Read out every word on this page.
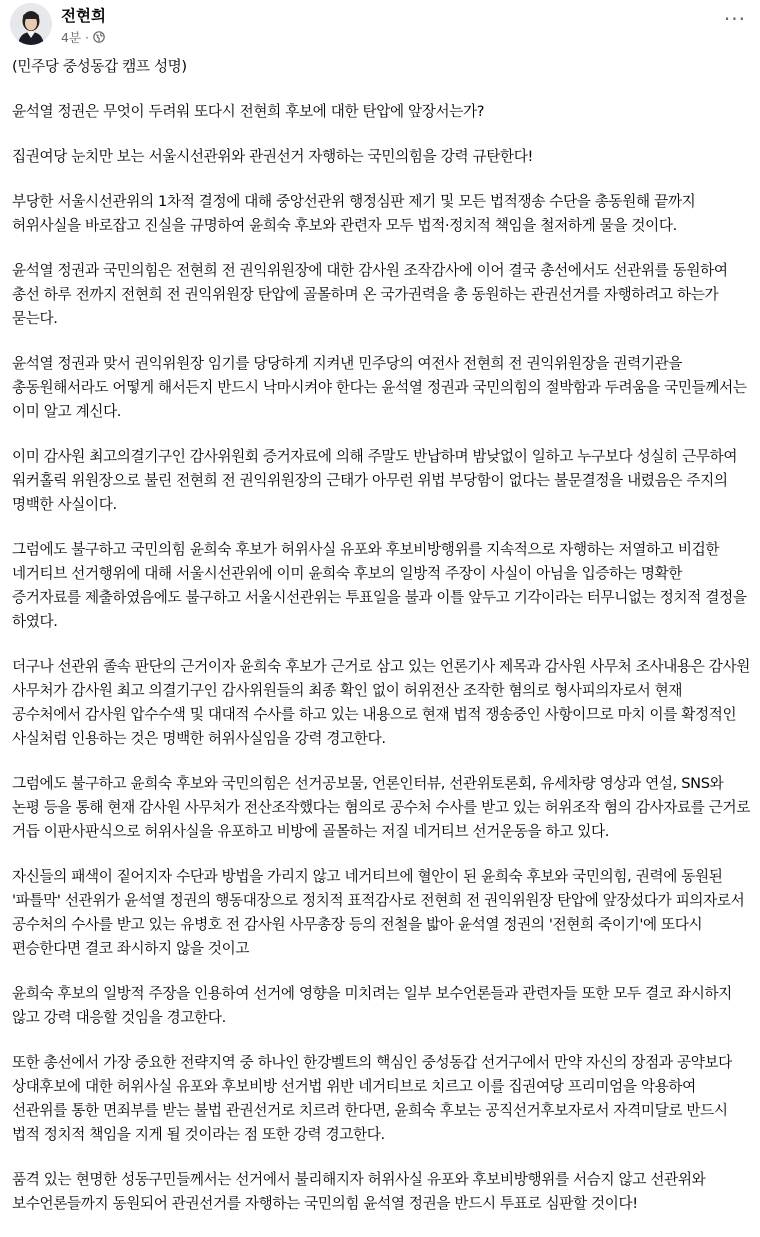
전현희
4분 ·
···

(민주당 중성동갑 캠프 성명)

윤석열 정권은 무엇이 두려워 또다시 전현희 후보에 대한 탄압에 앞장서는가?

집권여당 눈치만 보는 서울시선관위와 관권선거 자행하는 국민의힘을 강력 규탄한다!

부당한 서울시선관위의 1차적 결정에 대해 중앙선관위 행정심판 제기 및 모든 법적쟁송 수단을 총동원해 끝까지
허위사실을 바로잡고 진실을 규명하여 윤희숙 후보와 관련자 모두 법적·정치적 책임을 철저하게 물을 것이다.

윤석열 정권과 국민의힘은 전현희 전 권익위원장에 대한 감사원 조작감사에 이어 결국 총선에서도 선관위를 동원하여
총선 하루 전까지 전현희 전 권익위원장 탄압에 골몰하며 온 국가권력을 총 동원하는 관권선거를 자행하려고 하는가
묻는다.

윤석열 정권과 맞서 권익위원장 임기를 당당하게 지켜낸 민주당의 여전사 전현희 전 권익위원장을 권력기관을
총동원해서라도 어떻게 해서든지 반드시 낙마시켜야 한다는 윤석열 정권과 국민의힘의 절박함과 두려움을 국민들께서는
이미 알고 계신다.

이미 감사원 최고의결기구인 감사위원회 증거자료에 의해 주말도 반납하며 밤낮없이 일하고 누구보다 성실히 근무하여
워커홀릭 위원장으로 불린 전현희 전 권익위원장의 근태가 아무런 위법 부당함이 없다는 불문결정을 내렸음은 주지의
명백한 사실이다.

그럼에도 불구하고 국민의힘 윤희숙 후보가 허위사실 유포와 후보비방행위를 지속적으로 자행하는 저열하고 비겁한
네거티브 선거행위에 대해 서울시선관위에 이미 윤희숙 후보의 일방적 주장이 사실이 아님을 입증하는 명확한
증거자료를 제출하였음에도 불구하고 서울시선관위는 투표일을 불과 이틀 앞두고 기각이라는 터무니없는 정치적 결정을
하였다.

더구나 선관위 졸속 판단의 근거이자 윤희숙 후보가 근거로 삼고 있는 언론기사 제목과 감사원 사무처 조사내용은 감사원
사무처가 감사원 최고 의결기구인 감사위원들의 최종 확인 없이 허위전산 조작한 혐의로 형사피의자로서 현재
공수처에서 감사원 압수수색 및 대대적 수사를 하고 있는 내용으로 현재 법적 쟁송중인 사항이므로 마치 이를 확정적인
사실처럼 인용하는 것은 명백한 허위사실임을 강력 경고한다.

그럼에도 불구하고 윤희숙 후보와 국민의힘은 선거공보물, 언론인터뷰, 선관위토론회, 유세차량 영상과 연설, SNS와
논평 등을 통해 현재 감사원 사무처가 전산조작했다는 혐의로 공수처 수사를 받고 있는 허위조작 혐의 감사자료를 근거로
거듭 이판사판식으로 허위사실을 유포하고 비방에 골몰하는 저질 네거티브 선거운동을 하고 있다.

자신들의 패색이 짙어지자 수단과 방법을 가리지 않고 네거티브에 혈안이 된 윤희숙 후보와 국민의힘, 권력에 동원된
'파틀막' 선관위가 윤석열 정권의 행동대장으로 정치적 표적감사로 전현희 전 권익위원장 탄압에 앞장섰다가 피의자로서
공수처의 수사를 받고 있는 유병호 전 감사원 사무총장 등의 전철을 밟아 윤석열 정권의 '전현희 죽이기'에 또다시
편승한다면 결코 좌시하지 않을 것이고

윤희숙 후보의 일방적 주장을 인용하여 선거에 영향을 미치려는 일부 보수언론들과 관련자들 또한 모두 결코 좌시하지
않고 강력 대응할 것임을 경고한다.

또한 총선에서 가장 중요한 전략지역 중 하나인 한강벨트의 핵심인 중성동갑 선거구에서 만약 자신의 장점과 공약보다
상대후보에 대한 허위사실 유포와 후보비방 선거법 위반 네거티브로 치르고 이를 집권여당 프리미엄을 악용하여
선관위를 통한 면죄부를 받는 불법 관권선거로 치르려 한다면, 윤희숙 후보는 공직선거후보자로서 자격미달로 반드시
법적 정치적 책임을 지게 될 것이라는 점 또한 강력 경고한다.

품격 있는 현명한 성동구민들께서는 선거에서 불리해지자 허위사실 유포와 후보비방행위를 서슴지 않고 선관위와
보수언론들까지 동원되어 관권선거를 자행하는 국민의힘 윤석열 정권을 반드시 투표로 심판할 것이다!
